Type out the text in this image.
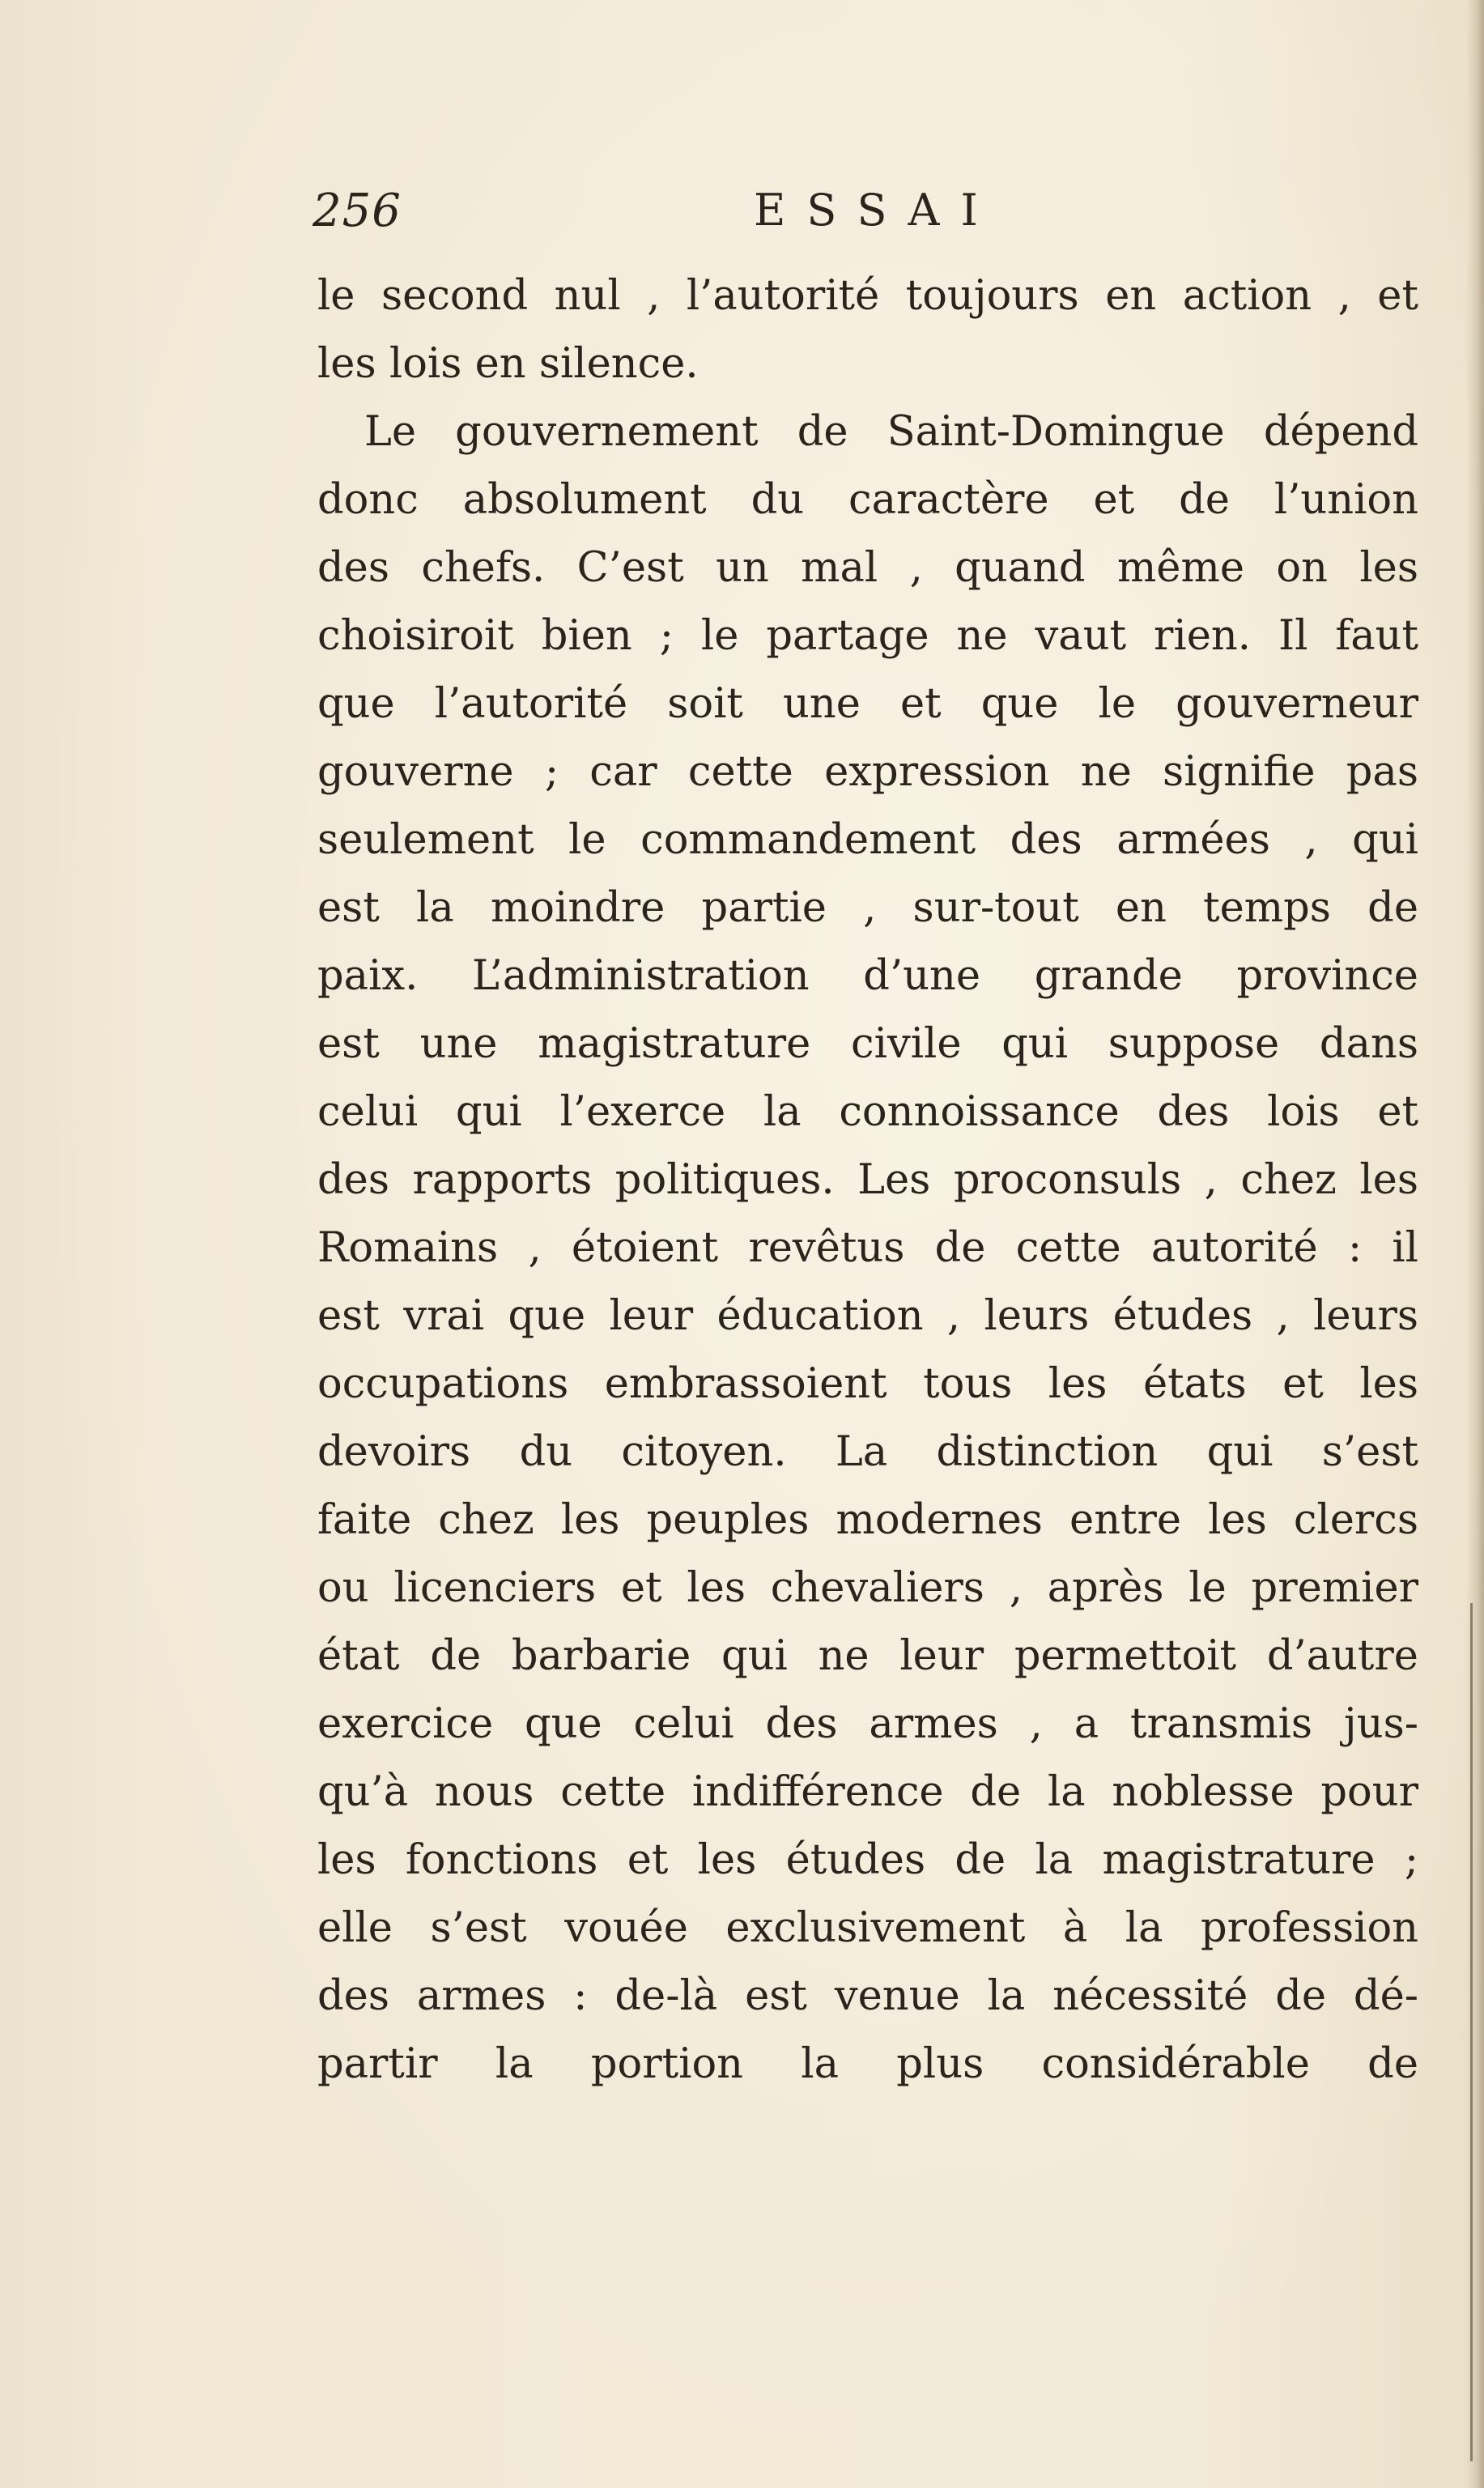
256	ESSAI
le second nul , l’autorité toujours en action , et
les lois en silence.
Le gouvernement de Saint-Domingue dépend
donc absolument du caractère et de l’union
des chefs. C’est un mal , quand même on les
choisiroit bien ; le partage ne vaut rien. Il faut
que l’autorité soit une et que le gouverneur
gouverne ; car cette expression ne signifie pas
seulement le commandement des armées , qui
est la moindre partie , sur-tout en temps de
paix. L’administration d’une grande province
est une magistrature civile qui suppose dans
celui qui l’exerce la connoissance des lois et
des rapports politiques. Les proconsuls , chez les
Romains , étoient revêtus de cette autorité : il
est vrai que leur éducation , leurs études , leurs
occupations embrassoient tous les états et les
devoirs du citoyen. La distinction qui s’est
faite chez les peuples modernes entre les clercs
ou licenciers et les chevaliers , après le premier
état de barbarie qui ne leur permettoit d’autre
exercice que celui des armes , a transmis jus-
qu’à nous cette indifférence de la noblesse pour
les fonctions et les études de la magistrature ;
elle s’est vouée exclusivement à la profession
des armes : de-là est venue la nécessité de dé-
partir la portion la plus considérable de
